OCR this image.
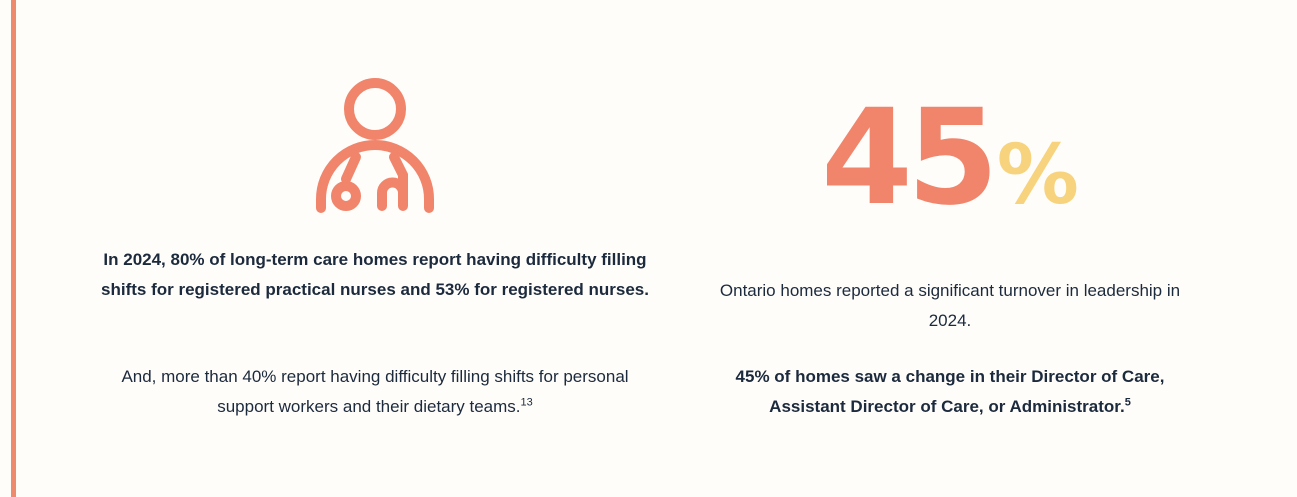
In 2024, 80% of long-term care homes report having difficulty filling shifts for registered practical nurses and 53% for registered nurses.

And, more than 40% report having difficulty filling shifts for personal support workers and their dietary teams.$^{13}$

45%

Ontario homes reported a significant turnover in leadership in 2024.

45% of homes saw a change in their Director of Care, Assistant Director of Care, or Administrator.$^5$
